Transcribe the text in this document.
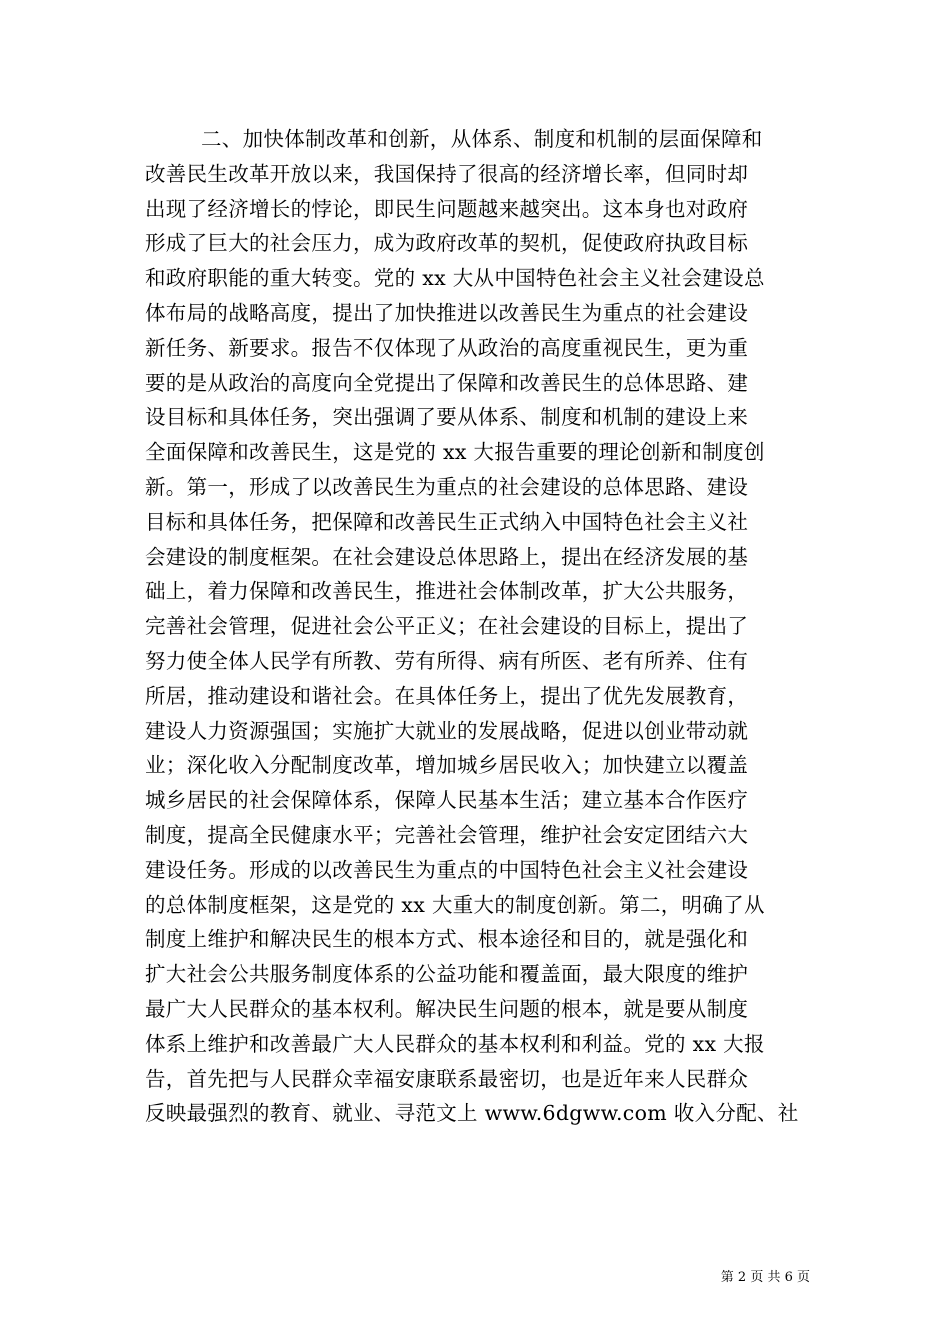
二、加快体制改革和创新，从体系、制度和机制的层面保障和
改善民生改革开放以来，我国保持了很高的经济增长率，但同时却
出现了经济增长的悖论，即民生问题越来越突出。这本身也对政府
形成了巨大的社会压力，成为政府改革的契机，促使政府执政目标
和政府职能的重大转变。党的 xx 大从中国特色社会主义社会建设总
体布局的战略高度，提出了加快推进以改善民生为重点的社会建设
新任务、新要求。报告不仅体现了从政治的高度重视民生，更为重
要的是从政治的高度向全党提出了保障和改善民生的总体思路、建
设目标和具体任务，突出强调了要从体系、制度和机制的建设上来
全面保障和改善民生，这是党的 xx 大报告重要的理论创新和制度创
新。第一，形成了以改善民生为重点的社会建设的总体思路、建设
目标和具体任务，把保障和改善民生正式纳入中国特色社会主义社
会建设的制度框架。在社会建设总体思路上，提出在经济发展的基
础上，着力保障和改善民生，推进社会体制改革，扩大公共服务，
完善社会管理，促进社会公平正义；在社会建设的目标上，提出了
努力使全体人民学有所教、劳有所得、病有所医、老有所养、住有
所居，推动建设和谐社会。在具体任务上，提出了优先发展教育，
建设人力资源强国；实施扩大就业的发展战略，促进以创业带动就
业；深化收入分配制度改革，增加城乡居民收入；加快建立以覆盖
城乡居民的社会保障体系，保障人民基本生活；建立基本合作医疗
制度，提高全民健康水平；完善社会管理，维护社会安定团结六大
建设任务。形成的以改善民生为重点的中国特色社会主义社会建设
的总体制度框架，这是党的 xx 大重大的制度创新。第二，明确了从
制度上维护和解决民生的根本方式、根本途径和目的，就是强化和
扩大社会公共服务制度体系的公益功能和覆盖面，最大限度的维护
最广大人民群众的基本权利。解决民生问题的根本，就是要从制度
体系上维护和改善最广大人民群众的基本权利和利益。党的 xx 大报
告，首先把与人民群众幸福安康联系最密切，也是近年来人民群众
反映最强烈的教育、就业、寻范文上 www.6dgww.com 收入分配、社
第 2 页 共 6 页
